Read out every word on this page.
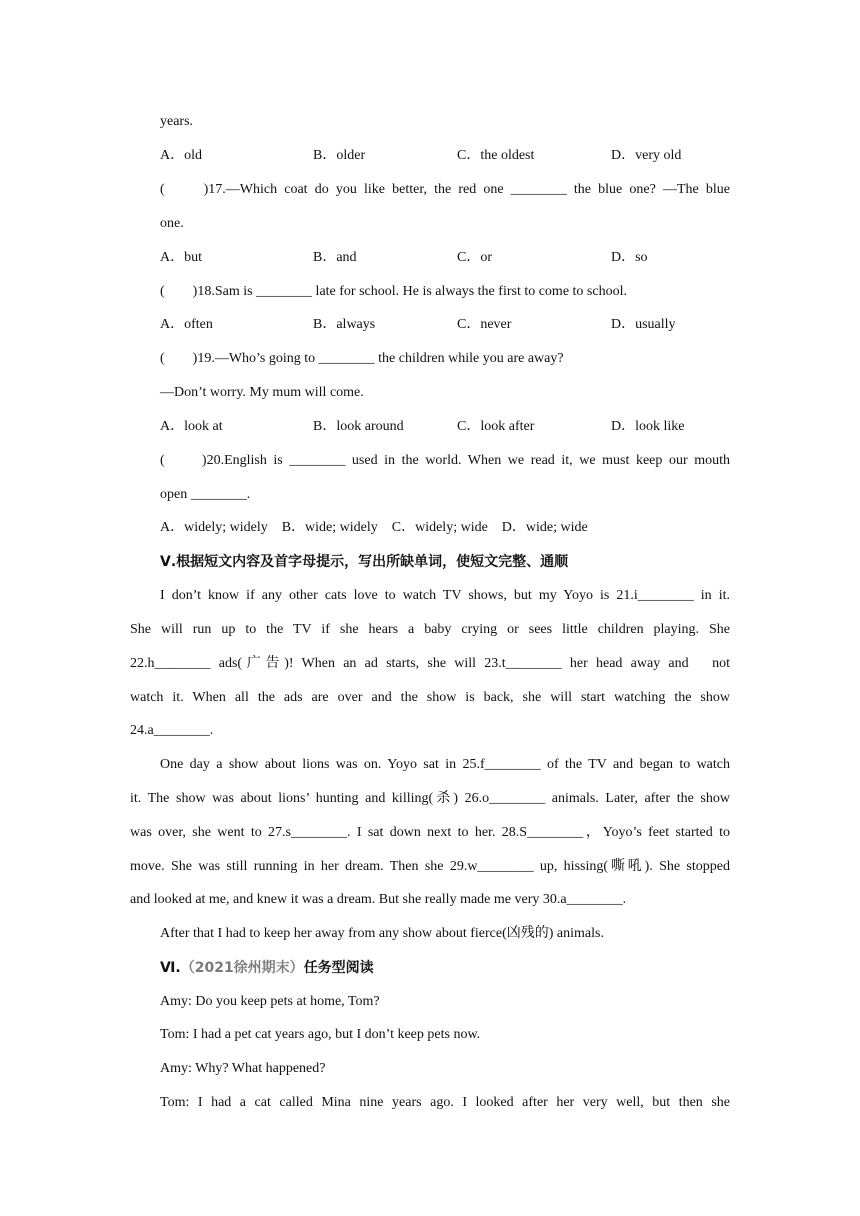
years.
A．old	B．older	C．the oldest	D．very old
(　　)17.—Which coat do you like better, the red one ________ the blue one? —The blue
one.
A．but	B．and	C．or	D．so
(　　)18.Sam is ________ late for school. He is always the first to come to school.
A．often	B．always	C．never	D．usually
(　　)19.—Who’s going to ________ the children while you are away?
—Don’t worry. My mum will come.
A．look at	B．look around	C．look after	D．look like
(　　)20.English is ________ used in the world. When we read it, we must keep our mouth
open ________.
A．widely; widely　B．wide; widely　C．widely; wide　D．wide; wide
Ⅴ.根据短文内容及首字母提示，写出所缺单词，使短文完整、通顺
I don’t know if any other cats love to watch TV shows, but my Yoyo is 21.i________ in it.
She will run up to the TV if she hears a baby crying or sees little children playing. She
22.h________ ads(广告)! When an ad starts, she will 23.t________ her head away and　not
watch it. When all the ads are over and the show is back, she will start watching the show
24.a________.
One day a show about lions was on. Yoyo sat in 25.f________ of the TV and began to watch
it. The show was about lions’ hunting and killing(杀) 26.o________ animals. Later, after the show
was over, she went to 27.s________. I sat down next to her. 28.S________，Yoyo’s feet started to
move. She was still running in her dream. Then she 29.w________ up, hissing(嘶吼). She stopped
and looked at me, and knew it was a dream. But she really made me very 30.a________.
After that I had to keep her away from any show about fierce(凶残的) animals.
Ⅵ.（2021徐州期末）任务型阅读
Amy: Do you keep pets at home, Tom?
Tom: I had a pet cat years ago, but I don’t keep pets now.
Amy: Why? What happened?
Tom: I had a cat called Mina nine years ago. I looked after her very well, but then she
